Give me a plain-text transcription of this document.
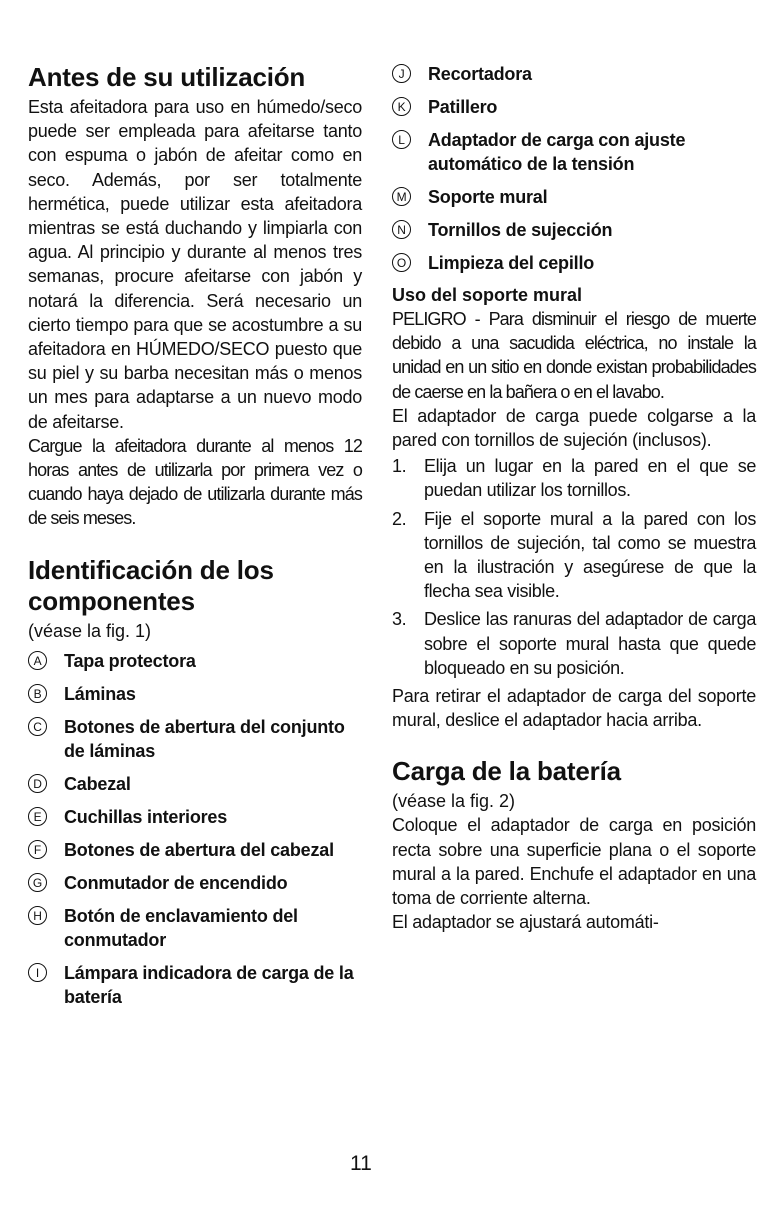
Antes de su utilización

Esta afeitadora para uso en húmedo/seco puede ser empleada para afeitarse tanto con espuma o jabón de afeitar como en seco. Además, por ser totalmente hermética, puede utilizar esta afeitadora mientras se está duchando y limpiarla con agua. Al principio y durante al menos tres semanas, procure afeitarse con jabón y notará la diferencia. Será necesario un cierto tiempo para que se acostumbre a su afeitadora en HÚMEDO/SECO puesto que su piel y su barba necesitan más o menos un mes para adaptarse a un nuevo modo de afeitarse.

Cargue la afeitadora durante al menos 12 horas antes de utilizarla por primera vez o cuando haya dejado de utilizarla durante más de seis meses.

Identificación de los componentes
(véase la fig. 1)
A	Tapa protectora
B	Láminas
C Botones de abertura del conjunto de láminas
D Cabezal
E	Cuchillas interiores
F	Botones de abertura del cabezal
G Conmutador de encendido
H Botón de enclavamiento del conmutador
I	Lámpara indicadora de carga de la batería
J	Recortadora
K	Patillero
L	Adaptador de carga con ajuste automático de la tensión
M Soporte mural
N Tornillos de sujección
O Limpieza del cepillo
Uso del soporte mural

PELIGRO - Para disminuir el riesgo de muerte debido a una sacudida eléctrica, no instale la unidad en un sitio en donde existan probabilidades de caerse en la bañera o en el lavabo.

El adaptador de carga puede colgarse a la pared con tornillos de sujeción (inclusos).

1. Elija un lugar en la pared en el que se puedan utilizar los tornillos.
2. Fije el soporte mural a la pared con los tornillos de sujeción, tal como se muestra en la ilustración y asegúrese de que la flecha sea visible.
3. Deslice las ranuras del adaptador de carga sobre el soporte mural hasta que quede bloqueado en su posición.

Para retirar el adaptador de carga del soporte mural, deslice el adaptador hacia arriba.

Carga de la batería
(véase la fig. 2)

Coloque el adaptador de carga en posición recta sobre una superficie plana o el soporte mural a la pared. Enchufe el adaptador en una toma de corriente alterna.

El adaptador se ajustará automáti-

11
